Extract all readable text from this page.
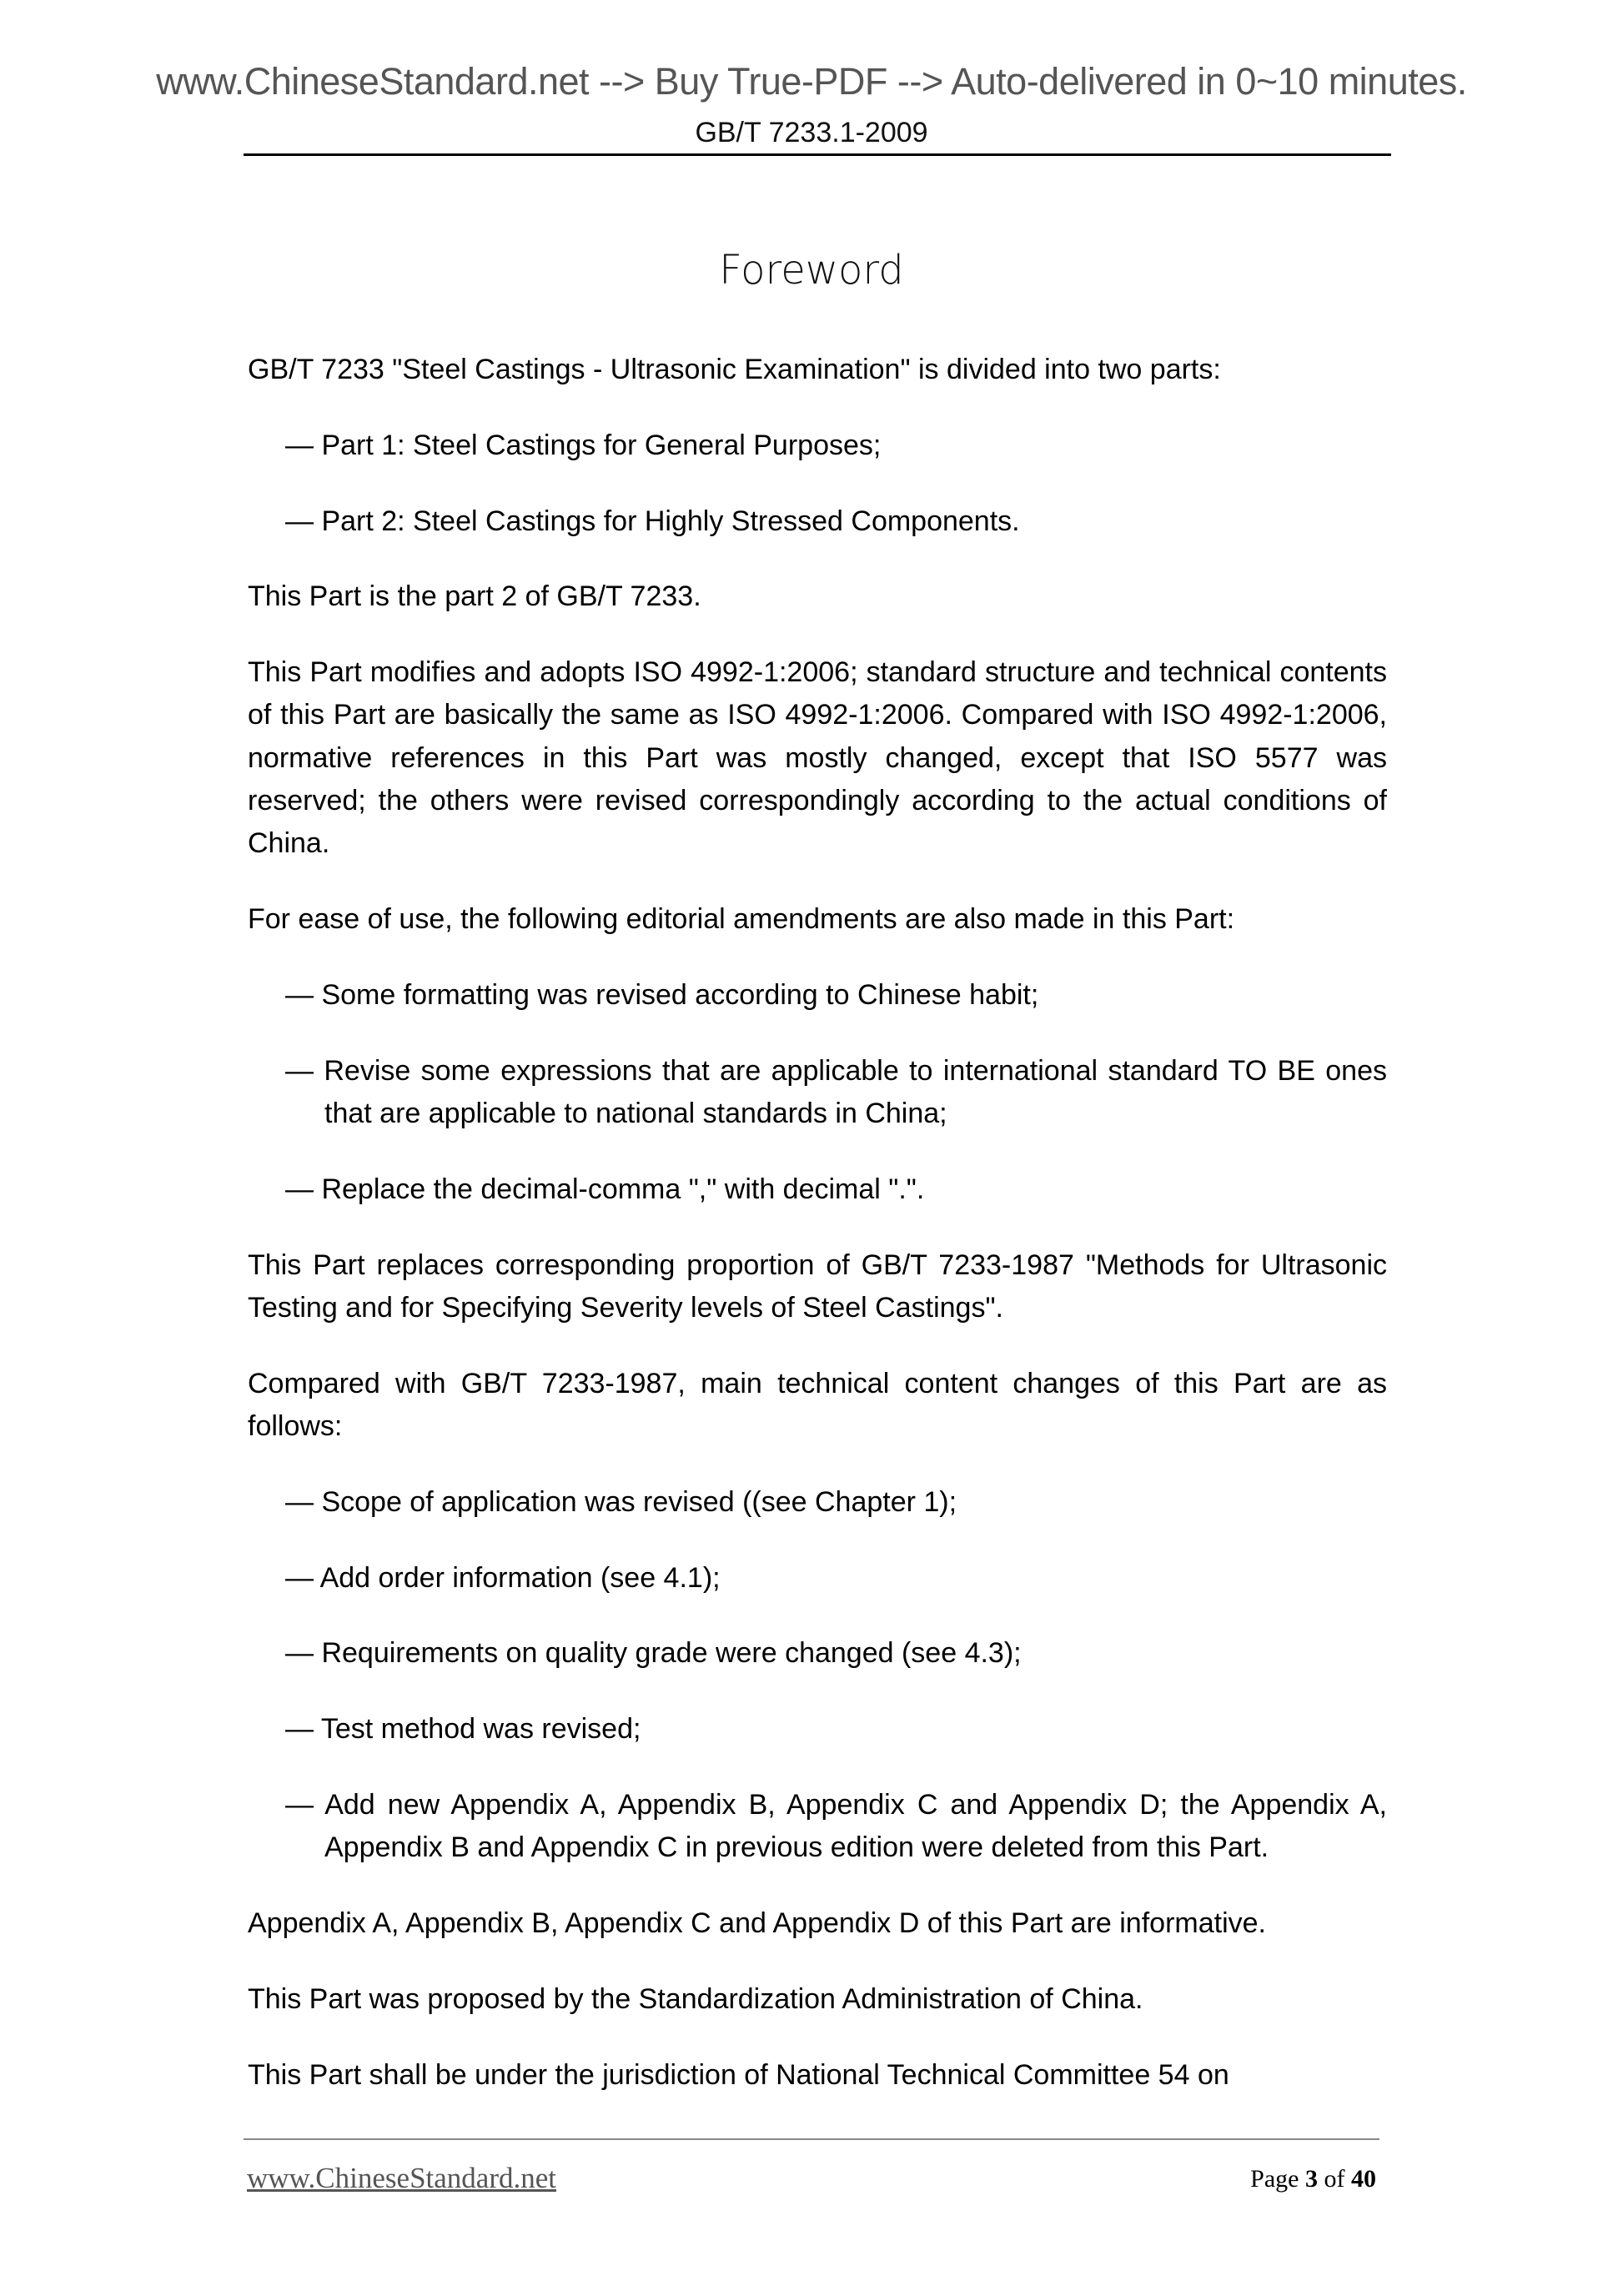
www.ChineseStandard.net --> Buy True-PDF --> Auto-delivered in 0~10 minutes.
GB/T 7233.1-2009
Foreword

GB/T 7233 "Steel Castings - Ultrasonic Examination" is divided into two parts:

— Part 1: Steel Castings for General Purposes;

— Part 2: Steel Castings for Highly Stressed Components.

This Part is the part 2 of GB/T 7233.

This Part modifies and adopts ISO 4992-1:2006; standard structure and technical contents of this Part are basically the same as ISO 4992-1:2006. Compared with ISO 4992-1:2006, normative references in this Part was mostly changed, except that ISO 5577 was reserved; the others were revised correspondingly according to the actual conditions of China.

For ease of use, the following editorial amendments are also made in this Part:

— Some formatting was revised according to Chinese habit;

— Revise some expressions that are applicable to international standard TO BE ones that are applicable to national standards in China;

— Replace the decimal-comma "," with decimal ".".

This Part replaces corresponding proportion of GB/T 7233-1987 "Methods for Ultrasonic Testing and for Specifying Severity levels of Steel Castings".

Compared with GB/T 7233-1987, main technical content changes of this Part are as follows:

— Scope of application was revised ((see Chapter 1);

— Add order information (see 4.1);

— Requirements on quality grade were changed (see 4.3);

— Test method was revised;

— Add new Appendix A, Appendix B, Appendix C and Appendix D; the Appendix A, Appendix B and Appendix C in previous edition were deleted from this Part.

Appendix A, Appendix B, Appendix C and Appendix D of this Part are informative.

This Part was proposed by the Standardization Administration of China.

This Part shall be under the jurisdiction of National Technical Committee 54 on

www.ChineseStandard.net	Page 3 of 40
